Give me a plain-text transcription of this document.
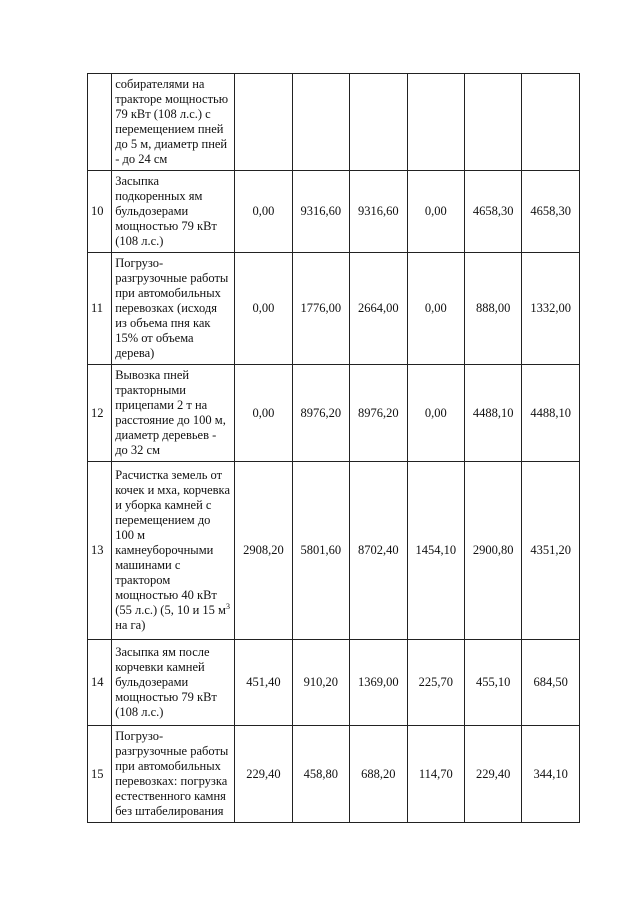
	собирателями на тракторе мощностью 79 кВт (108 л.с.) с перемещением пней до 5 м, диаметр пней - до 24 см						
10	Засыпка подкоренных ям бульдозерами мощностью 79 кВт (108 л.с.)	0,00	9316,60	9316,60	0,00	4658,30	4658,30
11	Погрузо-разгрузочные работы при автомобильных перевозках (исходя из объема пня как 15% от объема дерева)	0,00	1776,00	2664,00	0,00	888,00	1332,00
12	Вывозка пней тракторными прицепами 2 т на расстояние до 100 м, диаметр деревьев - до 32 см	0,00	8976,20	8976,20	0,00	4488,10	4488,10
13	Расчистка земель от кочек и мха, корчевка и уборка камней с перемещением до 100 м камнеуборочными машинами с трактором мощностью 40 кВт (55 л.с.) (5, 10 и 15 $м^3$ на га)	2908,20	5801,60	8702,40	1454,10	2900,80	4351,20
14	Засыпка ям после корчевки камней бульдозерами мощностью 79 кВт (108 л.с.)	451,40	910,20	1369,00	225,70	455,10	684,50
15	Погрузо-разгрузочные работы при автомобильных перевозках: погрузка естественного камня без штабелирования	229,40	458,80	688,20	114,70	229,40	344,10
